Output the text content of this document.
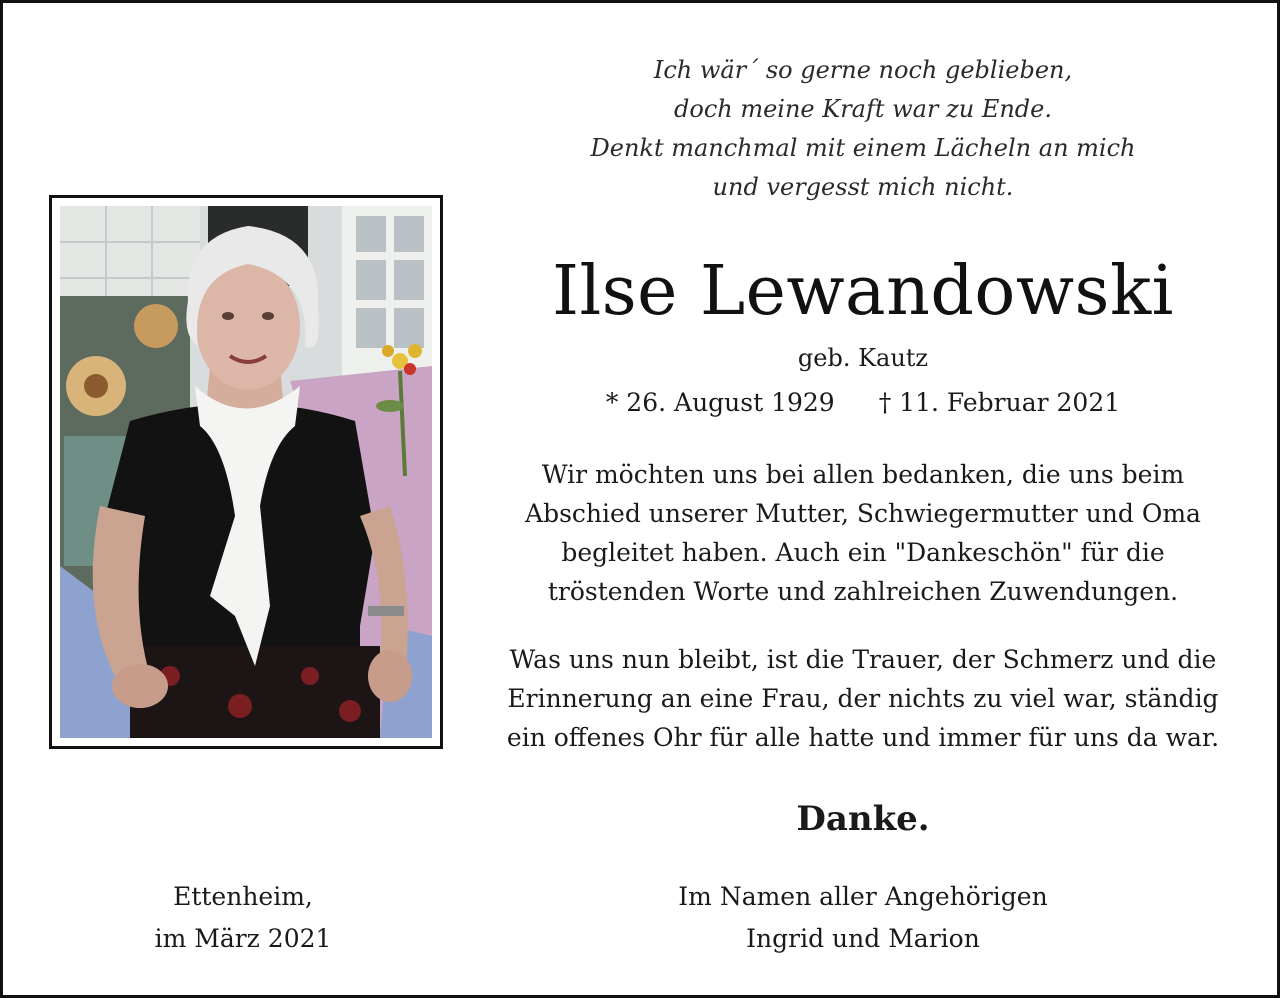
Ich wär´ so gerne noch geblieben,
doch meine Kraft war zu Ende.
Denkt manchmal mit einem Lächeln an mich
und vergesst mich nicht.
Ilse Lewandowski
geb. Kautz
* 26. August 1929 † 11. Februar 2021
Wir möchten uns bei allen bedanken, die uns beim
Abschied unserer Mutter, Schwiegermutter und Oma
begleitet haben. Auch ein "Dankeschön" für die
tröstenden Worte und zahlreichen Zuwendungen.
Was uns nun bleibt, ist die Trauer, der Schmerz und die
Erinnerung an eine Frau, der nichts zu viel war, ständig
ein offenes Ohr für alle hatte und immer für uns da war.
Danke.
Ettenheim,
im März 2021
Im Namen aller Angehörigen
Ingrid und Marion
